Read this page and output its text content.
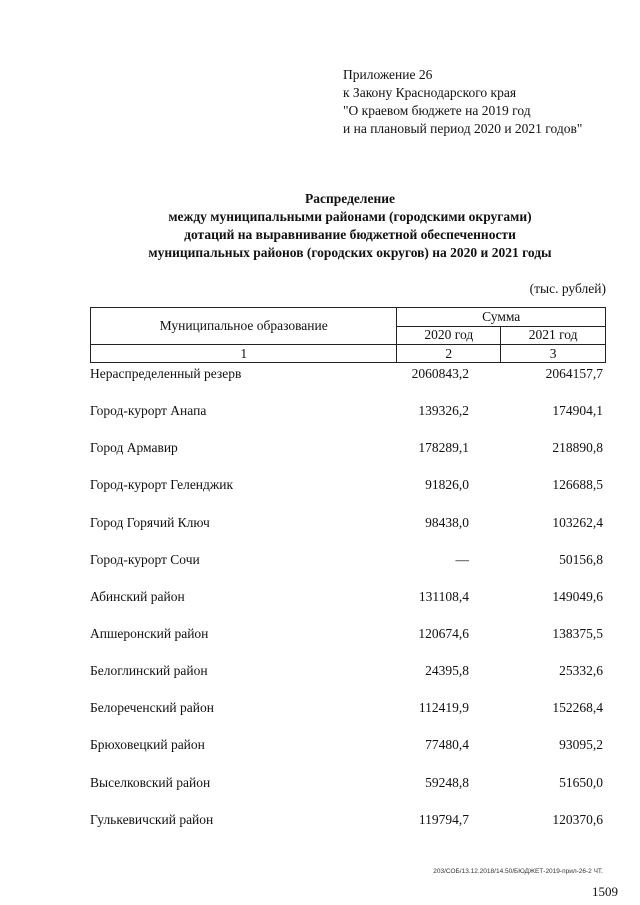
Приложение 26
к Закону Краснодарского края
"О краевом бюджете на 2019 год
и на плановый период 2020 и 2021 годов"
Распределение
между муниципальными районами (городскими округами)
дотаций на выравнивание бюджетной обеспеченности
муниципальных районов (городских округов) на 2020 и 2021 годы
(тыс. рублей)
Муниципальное образование	Сумма	
	2020 год	2021 год
1	2	3
Нераспределенный резерв	2060843,2	2064157,7
Город-курорт Анапа	139326,2	174904,1
Город Армавир	178289,1	218890,8
Город-курорт Геленджик	91826,0	126688,5
Город Горячий Ключ	98438,0	103262,4
Город-курорт Сочи	—	50156,8
Абинский район	131108,4	149049,6
Апшеронский район	120674,6	138375,5
Белоглинский район	24395,8	25332,6
Белореченский район	112419,9	152268,4
Брюховецкий район	77480,4	93095,2
Выселковский район	59248,8	51650,0
Гулькевичский район	119794,7	120370,6
203/СОБ/13.12.2018/14.50/БЮДЖЕТ-2019-прил-26-2 ЧТ.
1509
